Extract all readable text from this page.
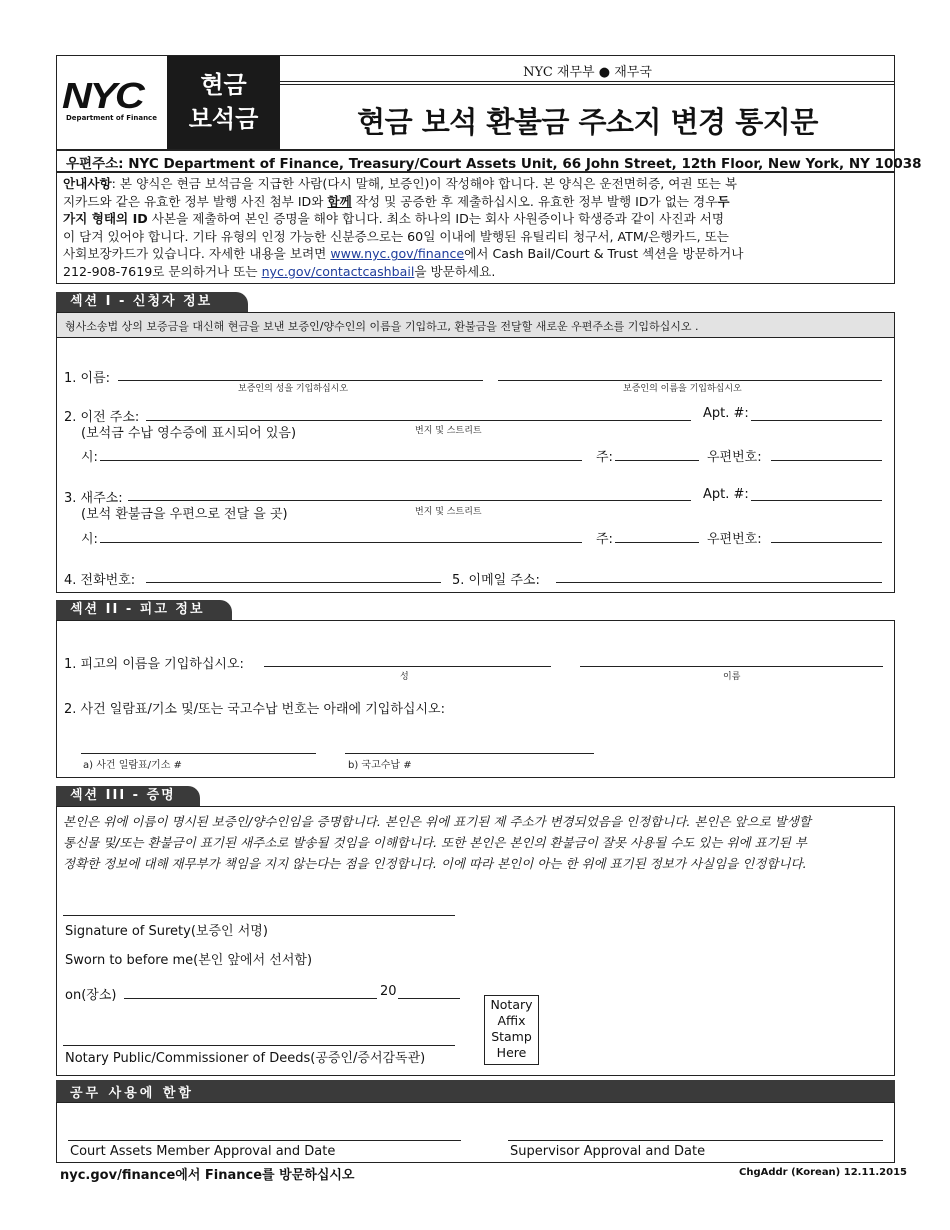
NYC
Department of Finance
현금
보석금
NYC 재무부 ● 재무국
현금 보석 환불금 주소지 변경 통지문
우편주소: NYC Department of Finance, Treasury/Court Assets Unit, 66 John Street, 12th Floor, New York, NY 10038
안내사항: 본 양식은 현금 보석금을 지급한 사람(다시 말해, 보증인)이 작성해야 합니다. 본 양식은 운전면허증, 여권 또는 복
지카드와 같은 유효한 정부 발행 사진 첨부 ID와 함께 작성 및 공증한 후 제출하십시오. 유효한 정부 발행 ID가 없는 경우두
가지 형태의 ID 사본을 제출하여 본인 증명을 해야 합니다. 최소 하나의 ID는 회사 사원증이나 학생증과 같이 사진과 서명
이 담겨 있어야 합니다. 기타 유형의 인정 가능한 신분증으로는 60일 이내에 발행된 유틸리티 청구서, ATM/은행카드, 또는
사회보장카드가 있습니다. 자세한 내용을 보려면 www.nyc.gov/finance에서 Cash Bail/Court & Trust 섹션을 방문하거나
212-908-7619로 문의하거나 또는 nyc.gov/contactcashbail을 방문하세요.
섹션 I - 신청자 정보
형사소송법 상의 보증금을 대신해 현금을 보낸 보증인/양수인의 이름을 기입하고, 환불금을 전달할 새로운 우편주소를 기입하십시오 .
1. 이름:
보증인의 성을 기입하십시오	보증인의 이름을 기입하십시오
2. 이전 주소:
번지 및 스트리트
Apt. #:
(보석금 수납 영수증에 표시되어 있음)
시:	주:	우편번호:
3. 새주소:
번지 및 스트리트
Apt. #:
(보석 환불금을 우편으로 전달 을 곳)
시:	주:	우편번호:
4. 전화번호:	5. 이메일 주소:
섹션 II - 피고 정보
1. 피고의 이름을 기입하십시오:
성	이름
2. 사건 일람표/기소 및/또는 국고수납 번호는 아래에 기입하십시오:
a) 사건 일람표/기소 #	b) 국고수납 #
섹션 III - 증명
본인은 위에 이름이 명시된 보증인/양수인임을 증명합니다. 본인은 위에 표기된 제 주소가 변경되었음을 인정합니다. 본인은 앞으로 발생할
통신물 및/또는 환불금이 표기된 새주소로 발송될 것임을 이해합니다. 또한 본인은 본인의 환불금이 잘못 사용될 수도 있는 위에 표기된 부
정확한 정보에 대해 재무부가 책임을 지지 않는다는 점을 인정합니다. 이에 따라 본인이 아는 한 위에 표기된 정보가 사실임을 인정합니다.
Signature of Surety(보증인 서명)
Sworn to before me(본인 앞에서 선서함)
on(장소)	20
Notary Public/Commissioner of Deeds(공증인/증서감독관)
Notary
Affix
Stamp
Here
공무 사용에 한함
Court Assets Member Approval and Date	Supervisor Approval and Date
nyc.gov/finance에서 Finance를 방문하십시오	ChgAddr (Korean) 12.11.2015
